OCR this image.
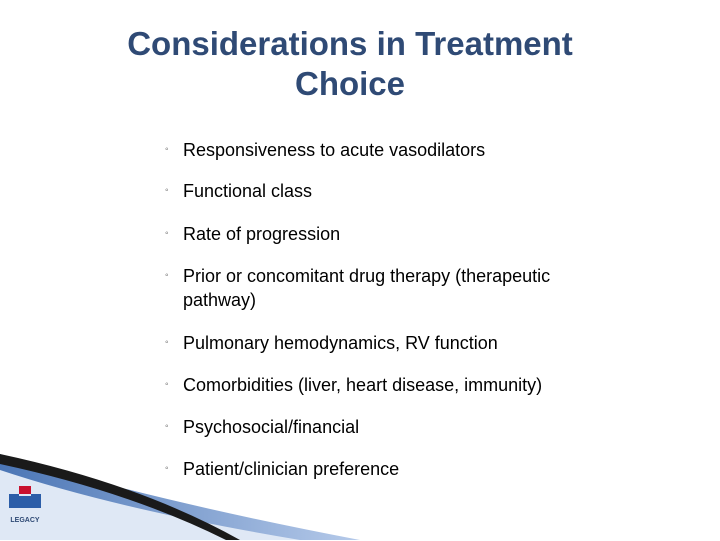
Considerations in Treatment
Choice
◦ Responsiveness to acute vasodilators
◦ Functional class
◦ Rate of progression
◦ Prior or concomitant drug therapy (therapeutic
pathway)
◦ Pulmonary hemodynamics, RV function
◦ Comorbidities (liver, heart disease, immunity)
◦ Psychosocial/financial
◦ Patient/clinician preference
LEGACY
